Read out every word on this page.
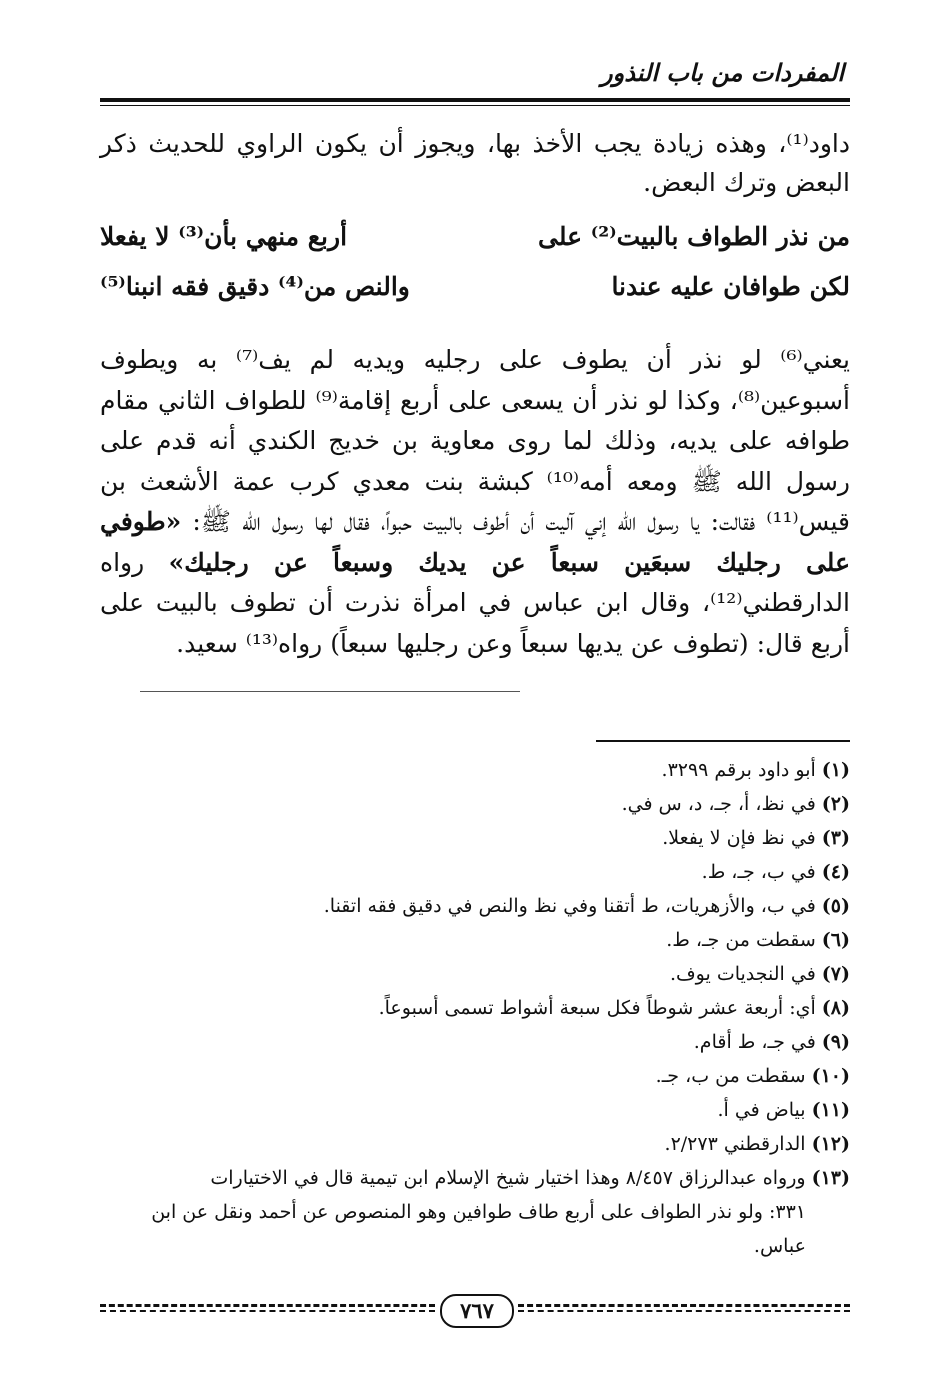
المفردات من باب النذور

داود⁽¹⁾، وهذه زيادة يجب الأخذ بها، ويجوز أن يكون الراوي للحديث ذكر البعض وترك البعض.

من نذر الطواف بالبيت⁽²⁾ على
أربع منهي بأن⁽³⁾ لا يفعلا
لكن طوافان عليه عندنا
والنص من⁽⁴⁾ دقيق فقه انبنا⁽⁵⁾

يعني⁽⁶⁾ لو نذر أن يطوف على رجليه ويديه لم يف⁽⁷⁾ به ويطوف أسبوعين⁽⁸⁾، وكذا لو نذر أن يسعى على أربع إقامة⁽⁹⁾ للطواف الثاني مقام طوافه على يديه، وذلك لما روى معاوية بن خديج الكندي أنه قدم على رسول الله ﷺ ومعه أمه⁽¹⁰⁾ كبشة بنت معدي كرب عمة الأشعث بن قيس⁽¹¹⁾ فقالت: يا رسول الله إني آليت أن أطوف بالبيت حبواً، فقال لها رسول الله ﷺ: «طوفي على رجليك سبعَين سبعاً عن يديك وسبعاً عن رجليك» رواه الدارقطني⁽¹²⁾، وقال ابن عباس في امرأة نذرت أن تطوف بالبيت على أربع قال: (تطوف عن يديها سبعاً وعن رجليها سبعاً) رواه⁽¹³⁾ سعيد.

(١)أبو داود برقم ٣٢٩٩.
(٢)في نظ، أ، جـ، د، س في.
(٣)في نظ فإن لا يفعلا.
(٤)في ب، جـ، ط.
(٥)في ب، والأزهريات، ط أتقنا وفي نظ والنص في دقيق فقه اتقنا.
(٦)سقطت من جـ، ط.
(٧)في النجديات يوف.
(٨)أي: أربعة عشر شوطاً فكل سبعة أشواط تسمى أسبوعاً.
(٩)في جـ، ط أقام.
(١٠)سقطت من ب، جـ.
(١١)بياض في أ.
(١٢)الدارقطني ٢/٢٧٣.
(١٣)ورواه عبدالرزاق ٨/٤٥٧ وهذا اختيار شيخ الإسلام ابن تيمية قال في الاختيارات
٣٣١: ولو نذر الطواف على أربع طاف طوافين وهو المنصوص عن أحمد ونقل عن ابن عباس.
٧٦٧
